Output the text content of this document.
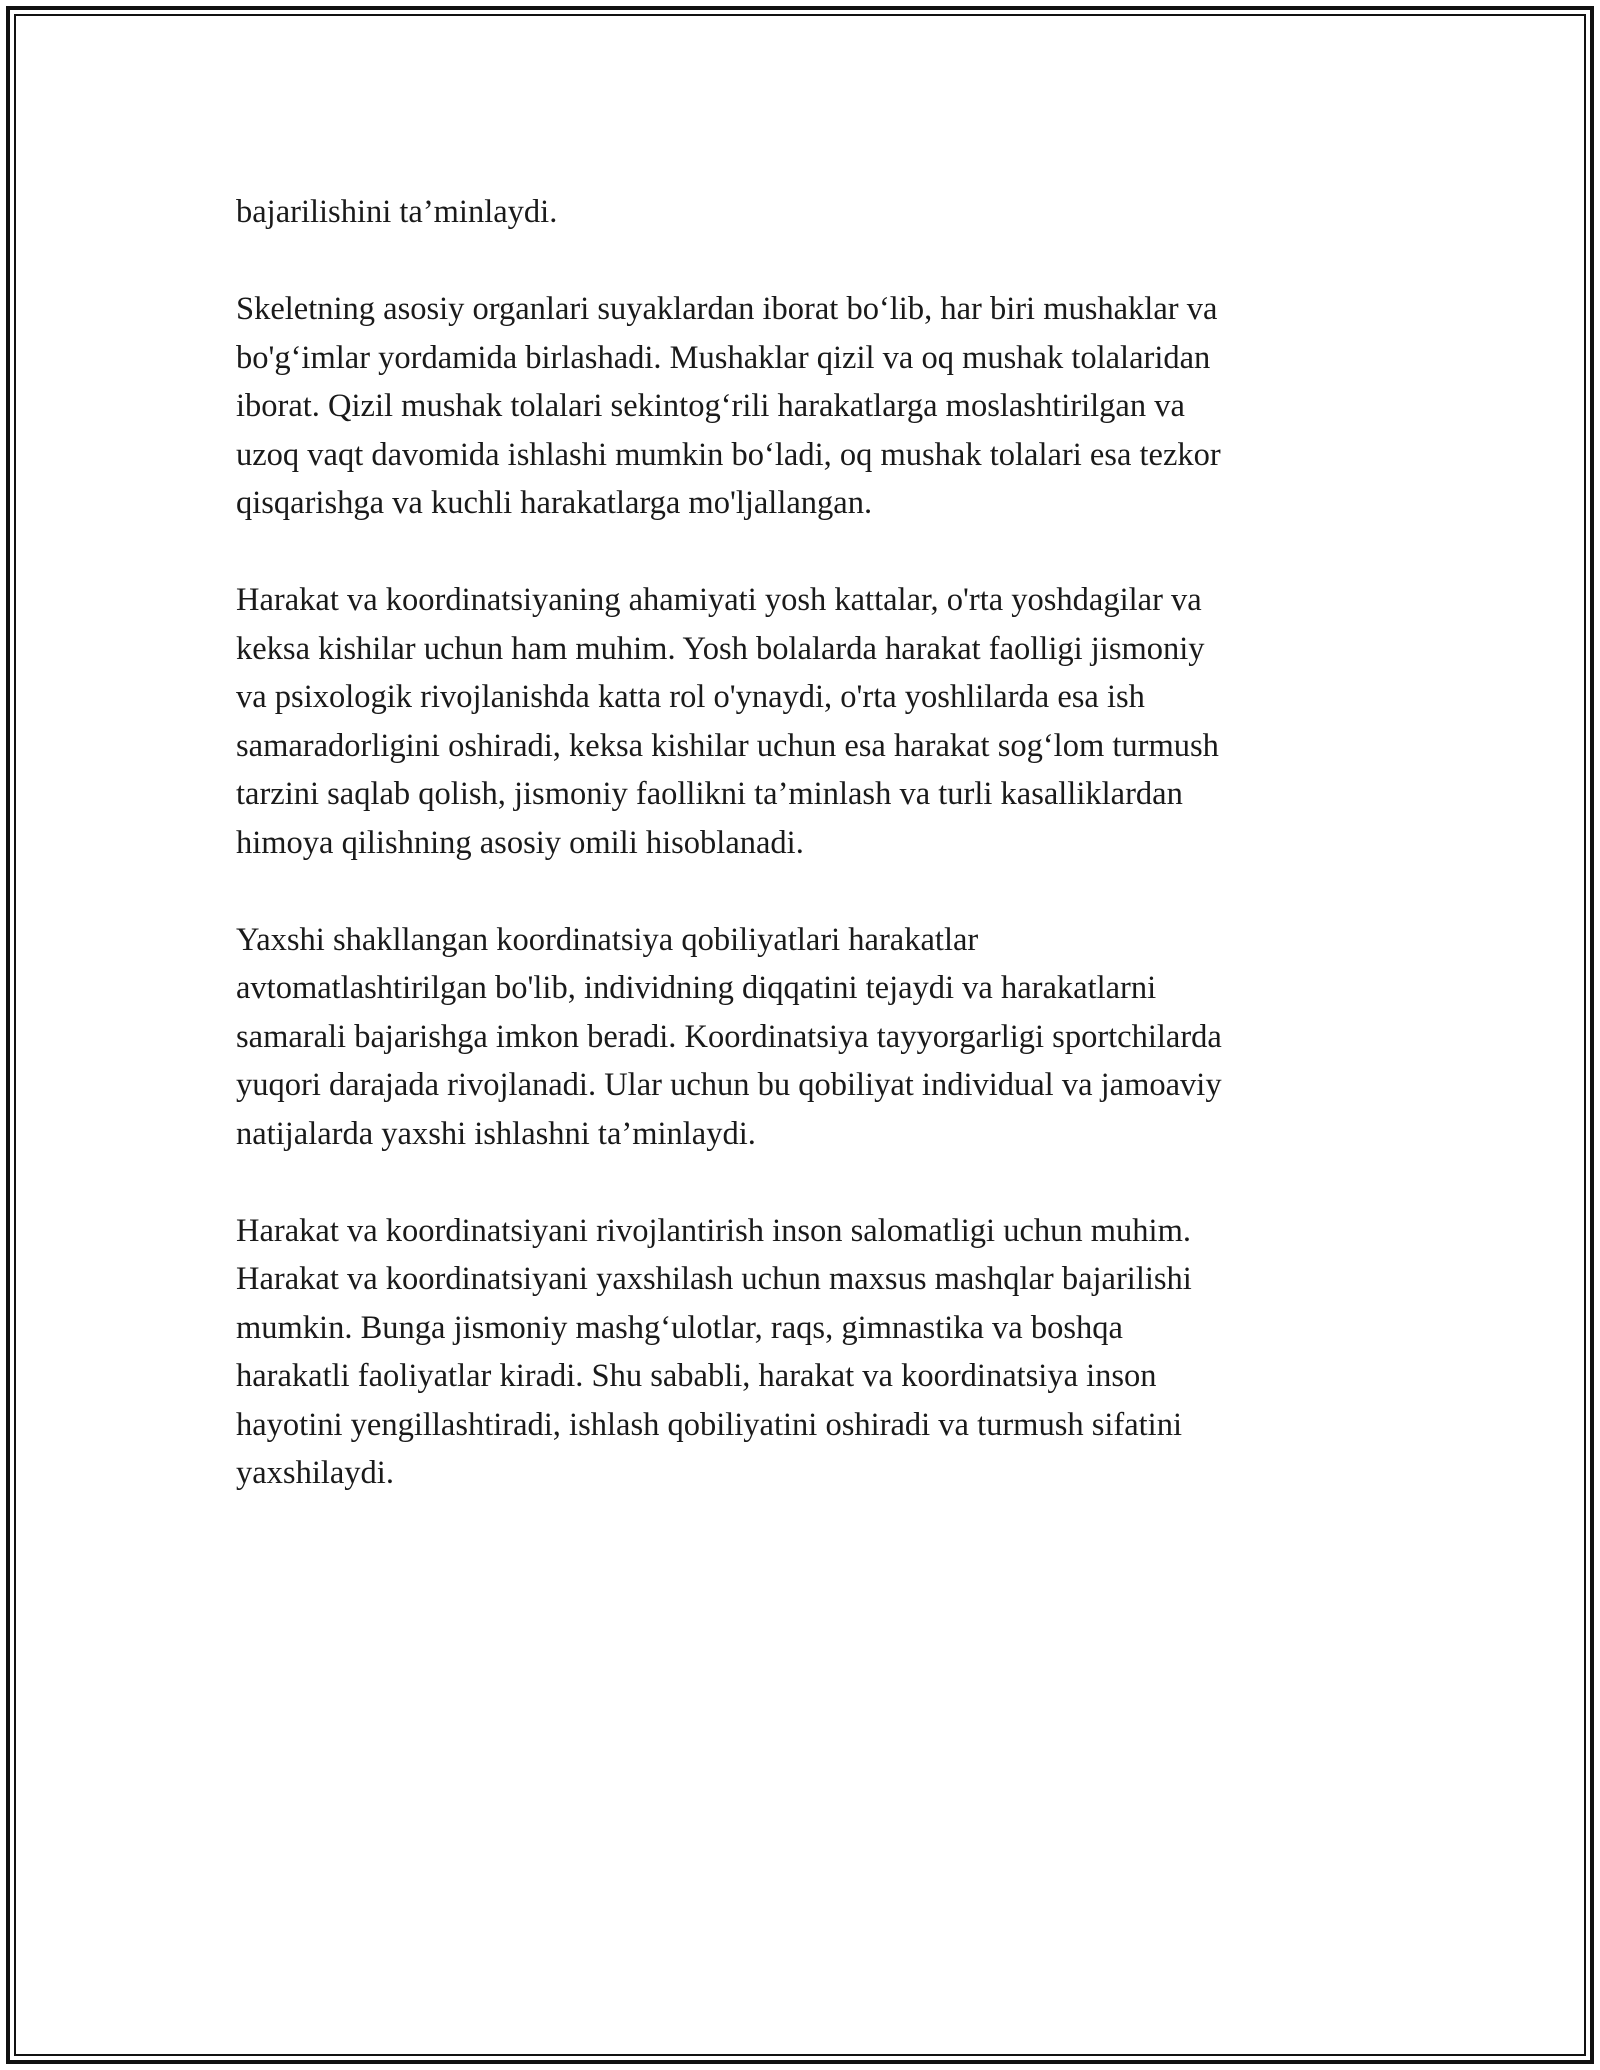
bajarilishini ta’minlaydi.

Skeletning asosiy organlari suyaklardan iborat bo‘lib, har biri mushaklar va
bo'g‘imlar yordamida birlashadi. Mushaklar qizil va oq mushak tolalaridan
iborat. Qizil mushak tolalari sekintog‘rili harakatlarga moslashtirilgan va
uzoq vaqt davomida ishlashi mumkin bo‘ladi, oq mushak tolalari esa tezkor
qisqarishga va kuchli harakatlarga mo'ljallangan.

Harakat va koordinatsiyaning ahamiyati yosh kattalar, o'rta yoshdagilar va
keksa kishilar uchun ham muhim. Yosh bolalarda harakat faolligi jismoniy
va psixologik rivojlanishda katta rol o'ynaydi, o'rta yoshlilarda esa ish
samaradorligini oshiradi, keksa kishilar uchun esa harakat sog‘lom turmush
tarzini saqlab qolish, jismoniy faollikni ta’minlash va turli kasalliklardan
himoya qilishning asosiy omili hisoblanadi.

Yaxshi shakllangan koordinatsiya qobiliyatlari harakatlar
avtomatlashtirilgan bo'lib, individning diqqatini tejaydi va harakatlarni
samarali bajarishga imkon beradi. Koordinatsiya tayyorgarligi sportchilarda
yuqori darajada rivojlanadi. Ular uchun bu qobiliyat individual va jamoaviy
natijalarda yaxshi ishlashni ta’minlaydi.

Harakat va koordinatsiyani rivojlantirish inson salomatligi uchun muhim.
Harakat va koordinatsiyani yaxshilash uchun maxsus mashqlar bajarilishi
mumkin. Bunga jismoniy mashg‘ulotlar, raqs, gimnastika va boshqa
harakatli faoliyatlar kiradi. Shu sababli, harakat va koordinatsiya inson
hayotini yengillashtiradi, ishlash qobiliyatini oshiradi va turmush sifatini
yaxshilaydi.
